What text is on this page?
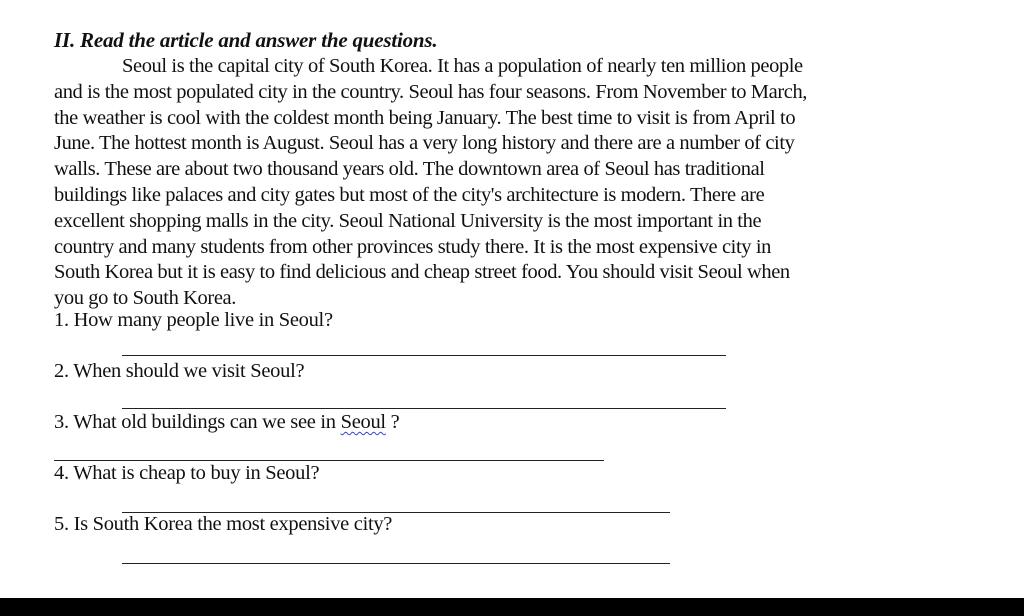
II. Read the article and answer the questions.
Seoul is the capital city of South Korea. It has a population of nearly ten million people
and is the most populated city in the country. Seoul has four seasons. From November to March,
the weather is cool with the coldest month being January. The best time to visit is from April to
June. The hottest month is August. Seoul has a very long history and there are a number of city
walls. These are about two thousand years old. The downtown area of Seoul has traditional
buildings like palaces and city gates but most of the city's architecture is modern. There are
excellent shopping malls in the city. Seoul National University is the most important in the
country and many students from other provinces study there. It is the most expensive city in
South Korea but it is easy to find delicious and cheap street food. You should visit Seoul when
you go to South Korea.
1. How many people live in Seoul?
2. When should we visit Seoul?
3. What old buildings can we see in Seoul ?
4. What is cheap to buy in Seoul?
5. Is South Korea the most expensive city?
